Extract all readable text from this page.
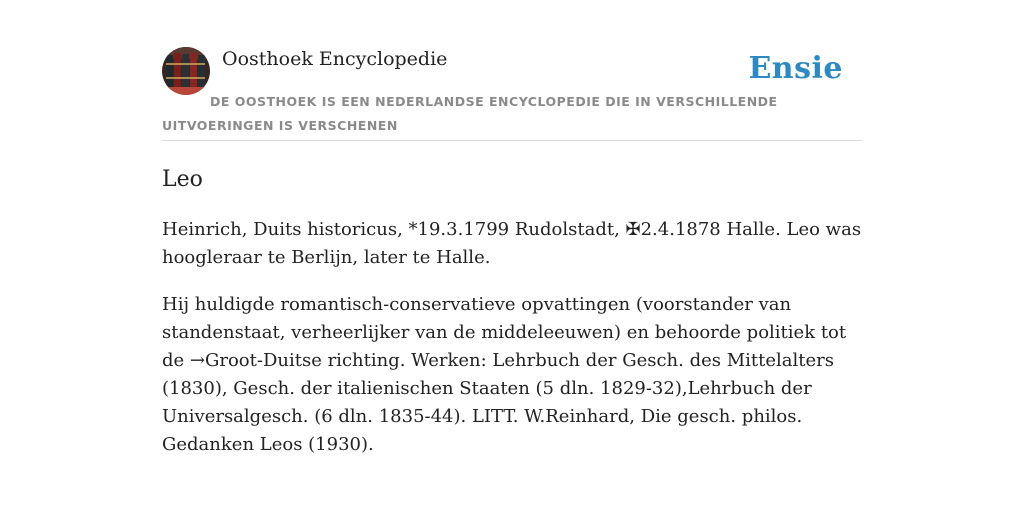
Oosthoek Encyclopedie	Ensie
DE OOSTHOEK IS EEN NEDERLANDSE ENCYCLOPEDIE DIE IN VERSCHILLENDE UITVOERINGEN IS VERSCHENEN
Leo

Heinrich, Duits historicus, *19.3.1799 Rudolstadt, ✠2.4.1878 Halle. Leo was hoogleraar te Berlijn, later te Halle.

Hij huldigde romantisch-conservatieve opvattingen (voorstander van standenstaat, verheerlijker van de middeleeuwen) en behoorde politiek tot de →Groot-Duitse richting. Werken: Lehrbuch der Gesch. des Mittelalters (1830), Gesch. der italienischen Staaten (5 dln. 1829-32),Lehrbuch der Universalgesch. (6 dln. 1835-44). LITT. W.Reinhard, Die gesch. philos. Gedanken Leos (1930).
